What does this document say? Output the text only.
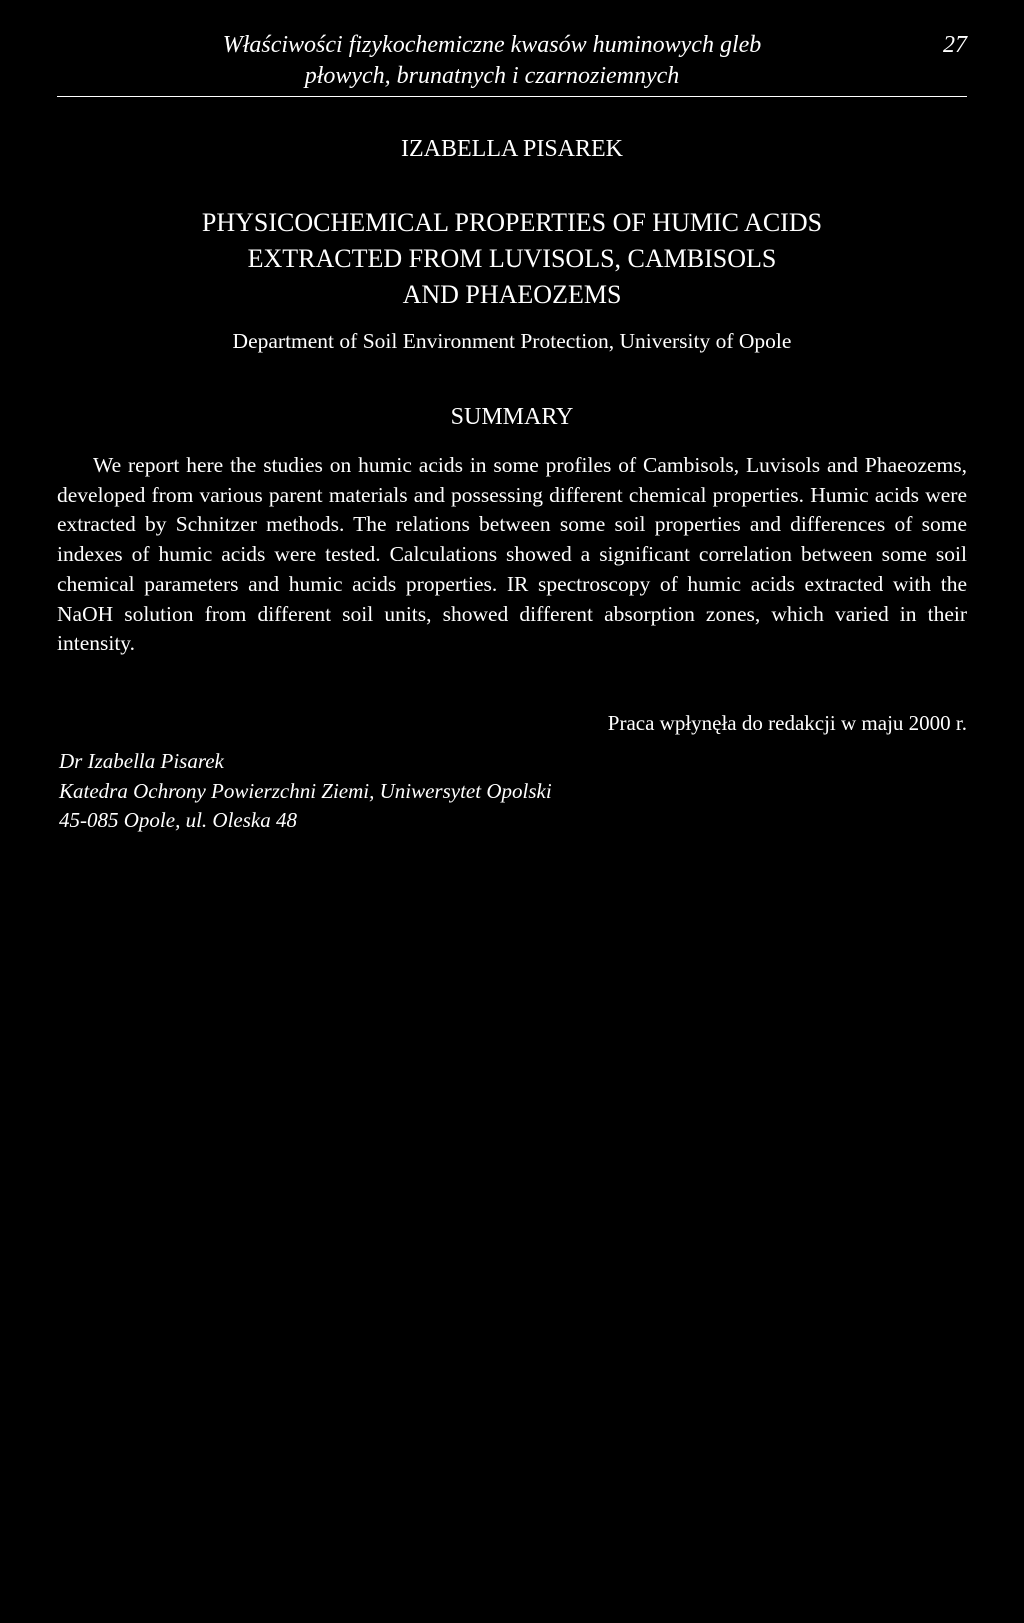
Właściwości fizykochemiczne kwasów huminowych gleb
płowych, brunatnych i czarnoziemnych
27
IZABELLA PISAREK
PHYSICOCHEMICAL PROPERTIES OF HUMIC ACIDS
EXTRACTED FROM LUVISOLS, CAMBISOLS
AND PHAEOZEMS
Department of Soil Environment Protection, University of Opole
SUMMARY

We report here the studies on humic acids in some profiles of Cambisols, Luvisols and Phaeozems, developed from various parent materials and possessing different chemical properties. Humic acids were extracted by Schnitzer methods. The relations between some soil properties and differences of some indexes of humic acids were tested. Calculations showed a significant correlation between some soil chemical parameters and humic acids properties. IR spectroscopy of humic acids extracted with the NaOH solution from different soil units, showed different absorption zones, which varied in their intensity.

Praca wpłynęła do redakcji w maju 2000 r.
Dr Izabella Pisarek
Katedra Ochrony Powierzchni Ziemi, Uniwersytet Opolski
45-085 Opole, ul. Oleska 48
